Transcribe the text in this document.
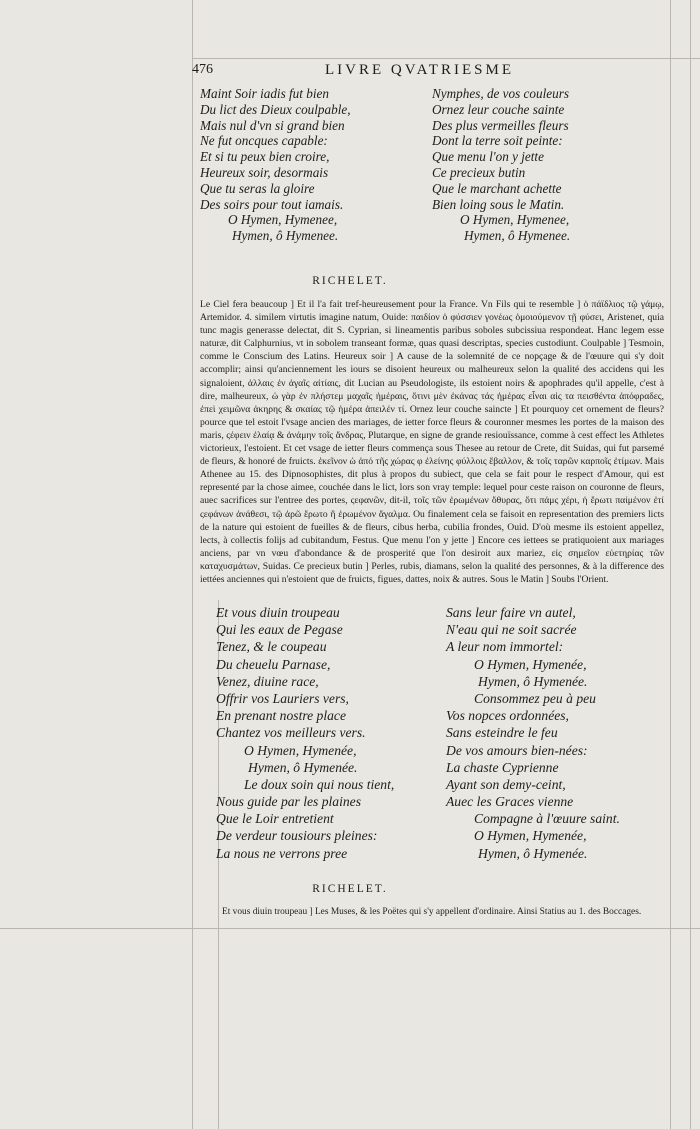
476	LIVRE QVATRIESME
Maint Soir iadis fut bien
Du lict des Dieux coulpable,
Mais nul d'vn si grand bien
Ne fut oncques capable:
Et si tu peux bien croire,
Heureux soir, desormais
Que tu seras la gloire
Des soirs pour tout iamais.
O Hymen, Hymenee,
Hymen, ô Hymenee.
Nymphes, de vos couleurs
Ornez leur couche sainte
Des plus vermeilles fleurs
Dont la terre soit peinte:
Que menu l'on y jette
Ce precieux butin
Que le marchant achette
Bien loing sous le Matin.
O Hymen, Hymenee,
Hymen, ô Hymenee.
RICHELET.
Le Ciel fera beaucoup ] Et il l'a fait tref-heureusement pour la France. Vn Fils qui te resemble ] ὁ πάϊδλιος τῷ γάμῳ, Artemidor. 4. similem virtutis imagine natum, Ouide: παιδίον ὁ φύσσιεν γονέως ὁμοιούμενον τῇ φύσει, Aristenet, quia tunc magis generasse delectat, dit S. Cyprian, si lineamentis paribus soboles subcissiua respondeat. Hanc legem esse naturæ, dit Calphurnius, vt in sobolem transeant formæ, quas quasi descriptas, species custodiunt. Coulpable ] Tesmoin, comme le Conscium des Latins. Heureux soir ] A cause de la solemnité de ce nopçage & de l'œuure qui s'y doit accomplir; ainsi qu'anciennement les iours se disoient heureux ou malheureux selon la qualité des accidens qui les signaloient, ἀλλαις ἐν ἀγαῖς αἰτίαις, dit Lucian au Pseudologiste, ils estoient noirs & apophrades qu'il appelle, c'est à dire, malheureux, ὡ γὰρ ἐν πλήστεμ μαχαῖς ἡμέραις, ὅτινι μὲν ἐκάνας τάς ἡμέρας εἶναι αἱς τα πεισθέντα ἀπόφραδες, ἐπεὶ χειμῶνα ἀκηρης & σκαίας τῷ ἡμέρα ἀπειλέν τί. Ornez leur couche saincte ] Et pourquoy cet ornement de fleurs? pource que tel estoit l'vsage ancien des mariages, de ietter force fleurs & couronner mesmes les portes de la maison des maris, ςέφειν ἐλαίᾳ & ἀνάμην τοῖς ἄνδρας, Plutarque, en signe de grande resiouïssance, comme à cest effect les Athletes victorieux, l'estoient. Et cet vsage de ietter fleurs commença sous Thesee au retour de Crete, dit Suidas, qui fut parsemé de fleurs, & honoré de fruicts. ἐκεῖνον ὡ ἀπό τῆς χώρας φ ἐλείνης φύλλοις ἔβαλλον, & τοῖς ταρῶν καρποῖς ἐτίμων. Mais Athenee au 15. des Dipnosophistes, dit plus à propos du subiect, que cela se fait pour le respect d'Amour, qui est representé par la chose aimee, couchée dans le lict, lors son vray temple: lequel pour ceste raison on couronne de fleurs, auec sacrifices sur l'entree des portes, ςεφανῶν, dit-il, τοῖς τῶν ἐρωμένων ὄθυρας, ὅτι πάμς χέρι, ἡ ἔρωτι παίμένον ἐτί ςεφάνων ἀνάθεσι, τῷ ἀρῶ ἔρωτο ἢ ἐρωμένον ἄγαλμα. Ou finalement cela se faisoit en representation des premiers licts de la nature qui estoient de fueilles & de fleurs, cibus herba, cubilia frondes, Ouid. D'où mesme ils estoient appellez, lects, à collectis folijs ad cubitandum, Festus. Que menu l'on y jette ] Encore ces iettees se pratiquoient aux mariages anciens, par vn vœu d'abondance & de prosperité que l'on desiroit aux mariez, εἰς σημεῖον εὐετηρίας τῶν καταχυσμάτων, Suidas. Ce precieux butin ] Perles, rubis, diamans, selon la qualité des personnes, & à la difference des iettées anciennes qui n'estoient que de fruicts, figues, dattes, noix & autres. Sous le Matin ] Soubs l'Orient.
Et vous diuin troupeau
Qui les eaux de Pegase
Tenez, & le coupeau
Du cheuelu Parnase,
Venez, diuine race,
Offrir vos Lauriers vers,
En prenant nostre place
Chantez vos meilleurs vers.
O Hymen, Hymenée,
Hymen, ô Hymenée.
Le doux soin qui nous tient,
Nous guide par les plaines
Que le Loir entretient
De verdeur tousiours pleines:
La nous ne verrons pree
Sans leur faire vn autel,
N'eau qui ne soit sacrée
A leur nom immortel:
O Hymen, Hymenée,
Hymen, ô Hymenée.
Consommez peu à peu
Vos nopces ordonnées,
Sans esteindre le feu
De vos amours bien-nées:
La chaste Cyprienne
Ayant son demy-ceint,
Auec les Graces vienne
Compagne à l'œuure saint.
O Hymen, Hymenée,
Hymen, ô Hymenée.
RICHELET.
Et vous diuin troupeau ] Les Muses, & les Poëtes qui s'y appellent d'ordinaire. Ainsi Statius au 1. des Boccages.
